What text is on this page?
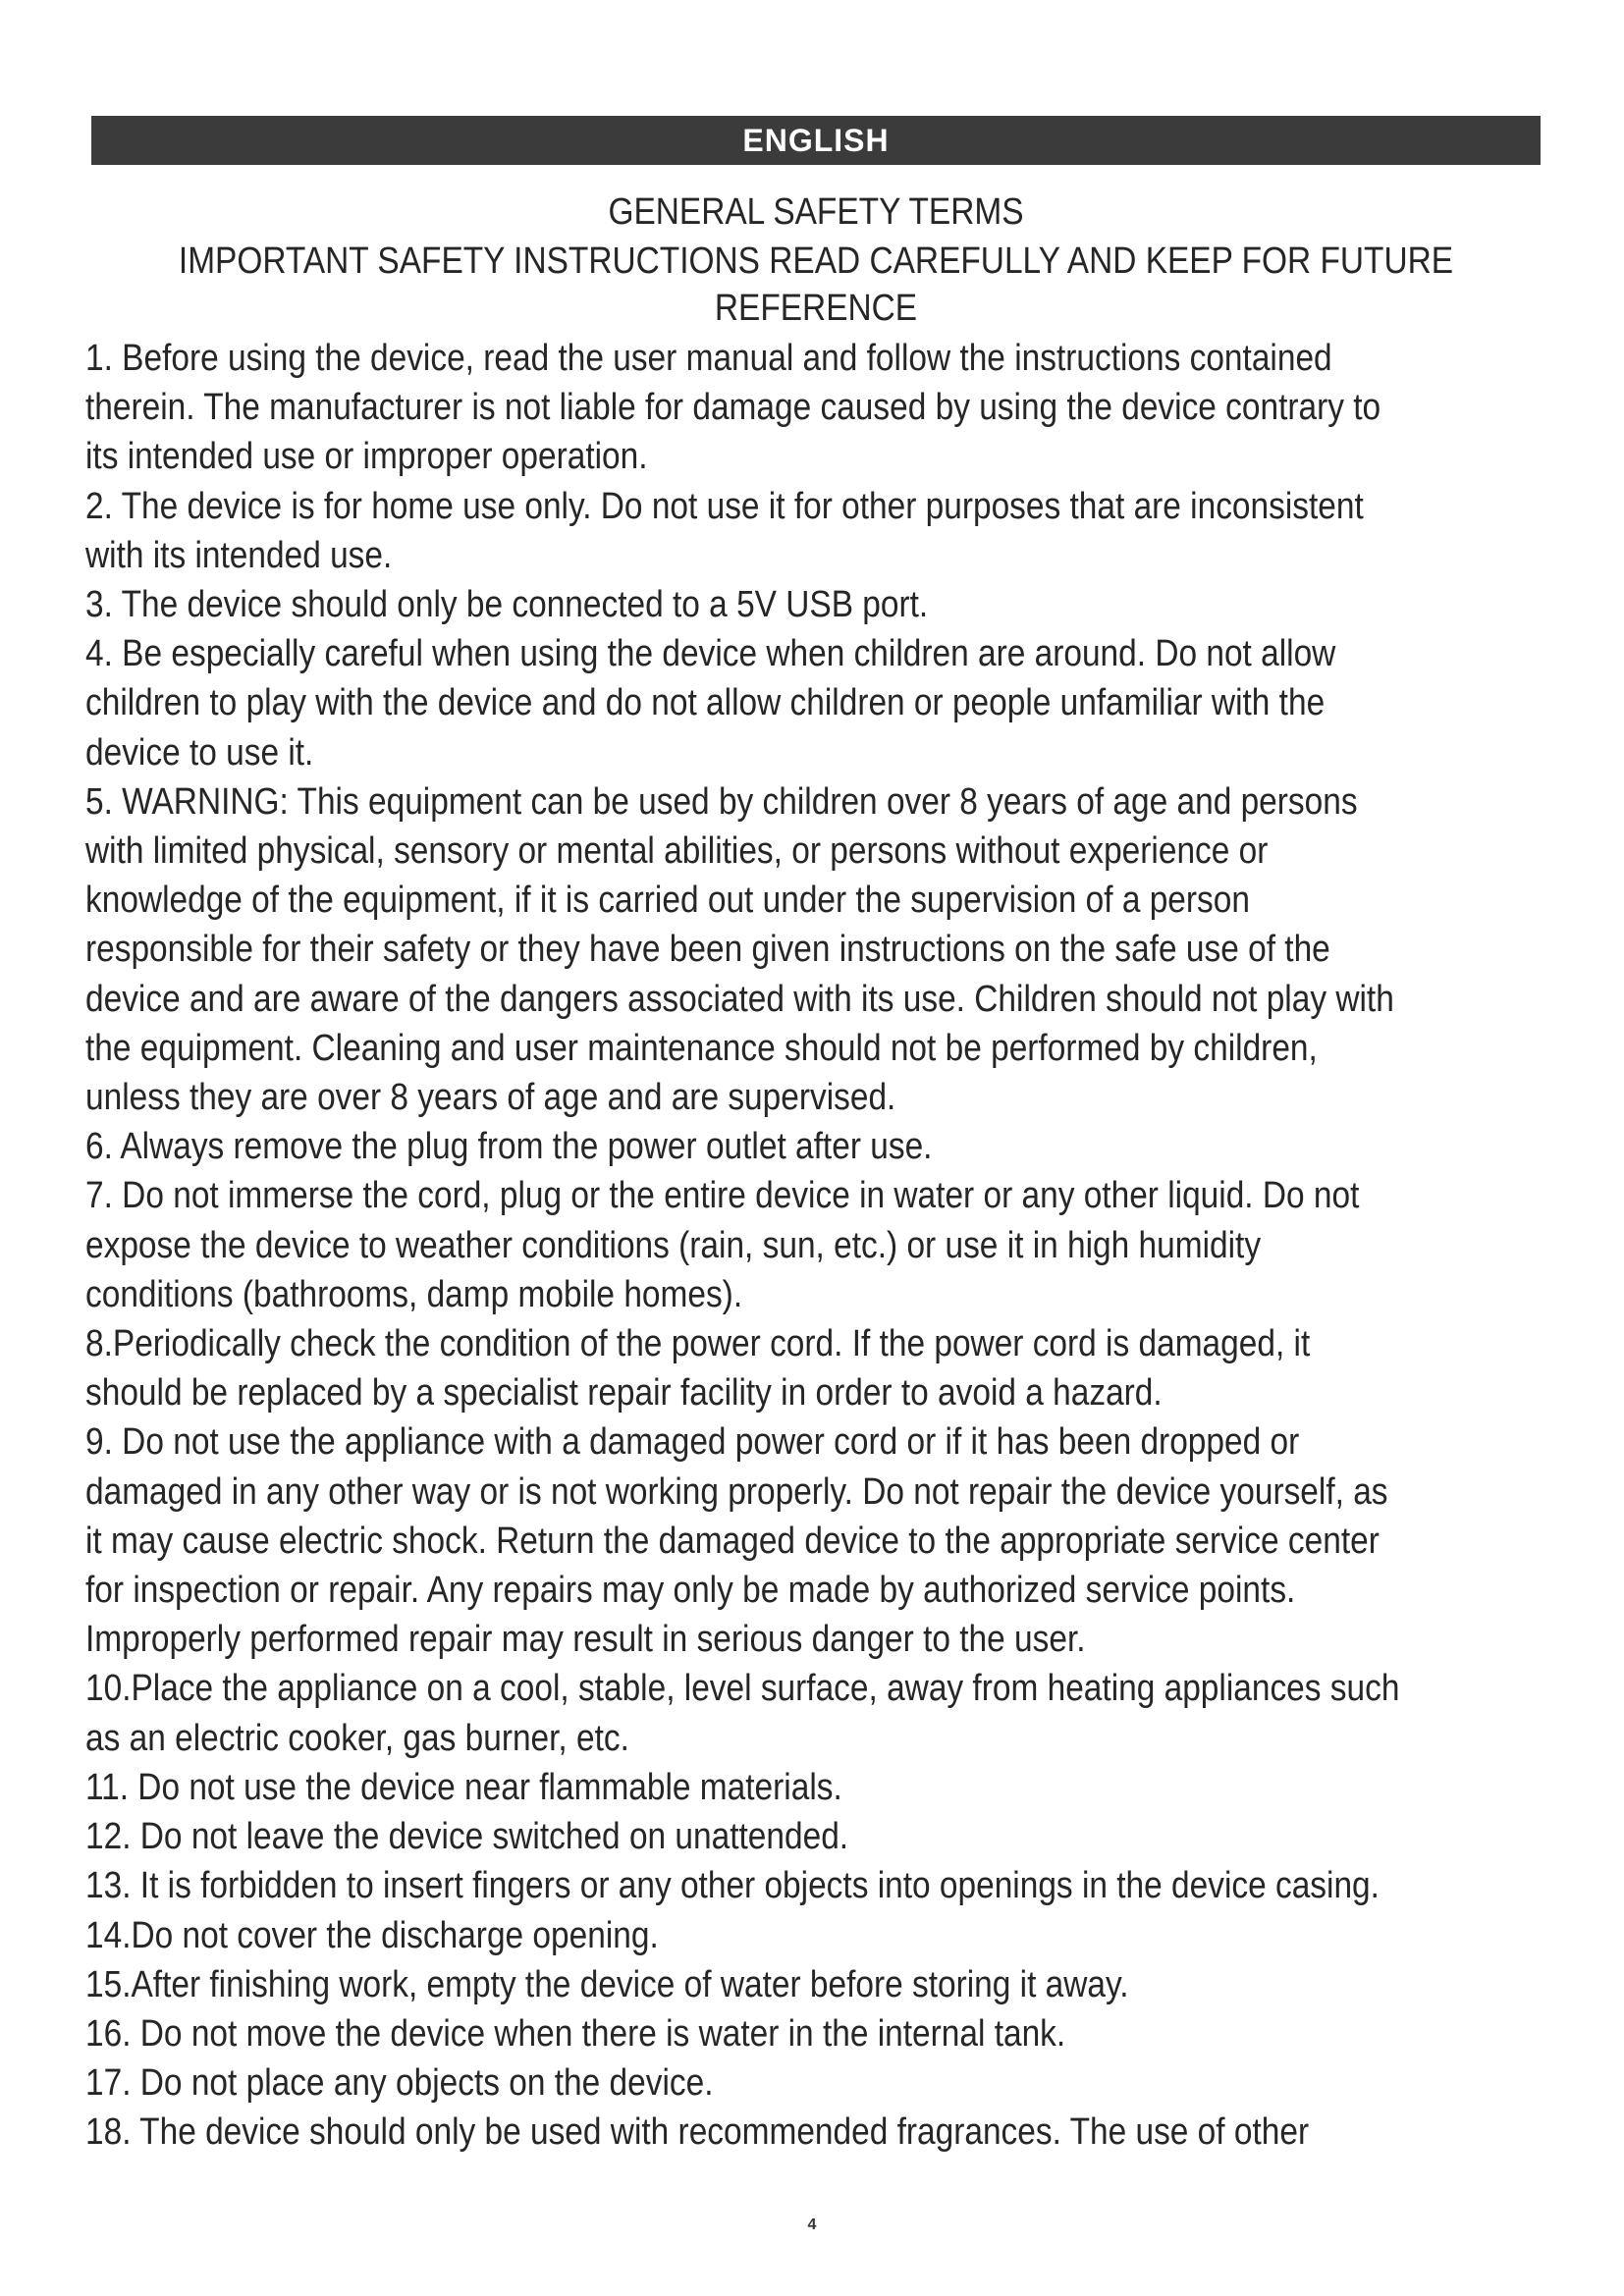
ENGLISH
GENERAL SAFETY TERMS
IMPORTANT SAFETY INSTRUCTIONS READ CAREFULLY AND KEEP FOR FUTURE
REFERENCE

1. Before using the device, read the user manual and follow the instructions contained
therein. The manufacturer is not liable for damage caused by using the device contrary to
its intended use or improper operation.

2. The device is for home use only. Do not use it for other purposes that are inconsistent
with its intended use.

3. The device should only be connected to a 5V USB port.

4. Be especially careful when using the device when children are around. Do not allow
children to play with the device and do not allow children or people unfamiliar with the
device to use it.

5. WARNING: This equipment can be used by children over 8 years of age and persons
with limited physical, sensory or mental abilities, or persons without experience or
knowledge of the equipment, if it is carried out under the supervision of a person
responsible for their safety or they have been given instructions on the safe use of the
device and are aware of the dangers associated with its use. Children should not play with
the equipment. Cleaning and user maintenance should not be performed by children,
unless they are over 8 years of age and are supervised.

6. Always remove the plug from the power outlet after use.

7. Do not immerse the cord, plug or the entire device in water or any other liquid. Do not
expose the device to weather conditions (rain, sun, etc.) or use it in high humidity
conditions (bathrooms, damp mobile homes).

8.Periodically check the condition of the power cord. If the power cord is damaged, it
should be replaced by a specialist repair facility in order to avoid a hazard.

9. Do not use the appliance with a damaged power cord or if it has been dropped or
damaged in any other way or is not working properly. Do not repair the device yourself, as
it may cause electric shock. Return the damaged device to the appropriate service center
for inspection or repair. Any repairs may only be made by authorized service points.
Improperly performed repair may result in serious danger to the user.

10.Place the appliance on a cool, stable, level surface, away from heating appliances such
as an electric cooker, gas burner, etc.

11. Do not use the device near flammable materials.

12. Do not leave the device switched on unattended.

13. It is forbidden to insert fingers or any other objects into openings in the device casing.

14.Do not cover the discharge opening.

15.After finishing work, empty the device of water before storing it away.

16. Do not move the device when there is water in the internal tank.

17. Do not place any objects on the device.

18. The device should only be used with recommended fragrances. The use of other

4
